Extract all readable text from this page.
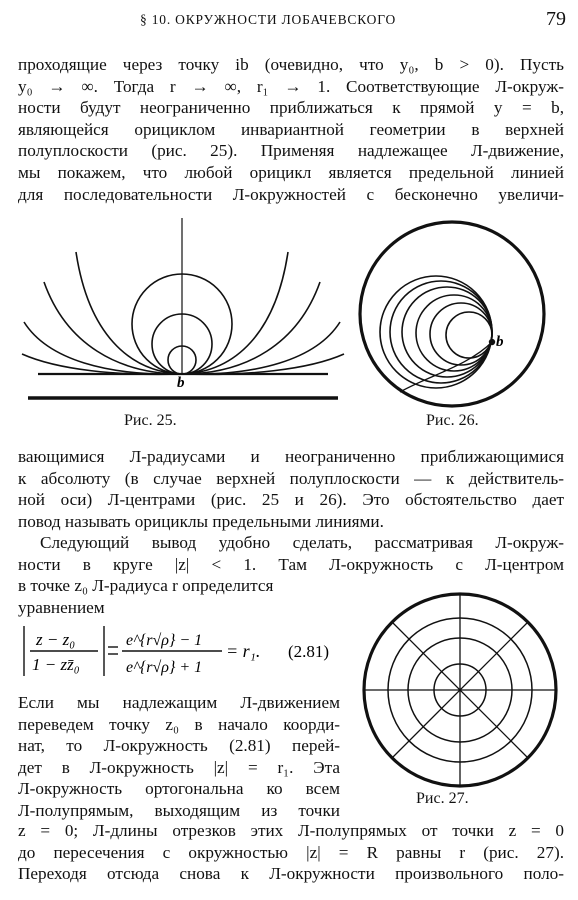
§ 10. ОКРУЖНОСТИ ЛОБАЧЕВСКОГО	79
проходящие через точку ib (очевидно, что y₀, b > 0). Пусть
y₀ → ∞. Тогда r → ∞, r₁ → 1. Соответствующие Л-окруж-
ности будут неограниченно приближаться к прямой y = b,
являющейся орициклом инвариантной геометрии в верхней
полуплоскости (рис. 25). Применяя надлежащее Л-движение,
мы покажем, что любой орицикл является предельной линией
для последовательности Л-окружностей с бесконечно увеличи-
b
Рис. 25.
b
Рис. 26.
вающимися Л-радиусами и неограниченно приближающимися
к абсолюту (в случае верхней полуплоскости — к действитель-
ной оси) Л-центрами (рис. 25 и 26). Это обстоятельство дает
повод называть орициклы предельными линиями.
Следующий вывод удобно сделать, рассматривая Л-окруж-
ности в круге |z| < 1. Там Л-окружность с Л-центром
в точке z₀ Л-радиуса r определится
уравнением
z − z₀
1 − zz̄₀
e^{r√ρ} − 1
e^{r√ρ} + 1
= r₁. (2.81)
Если мы надлежащим Л-движением
переведем точку z₀ в начало коорди-
нат, то Л-окружность (2.81) перей-
дет в Л-окружность |z| = r₁. Эта
Л-окружность ортогональна ко всем
Л-полупрямым, выходящим из точки
Рис. 27.
z = 0; Л-длины отрезков этих Л-полупрямых от точки z = 0
до пересечения с окружностью |z| = R равны r (рис. 27).
Переходя отсюда снова к Л-окружности произвольного поло-
